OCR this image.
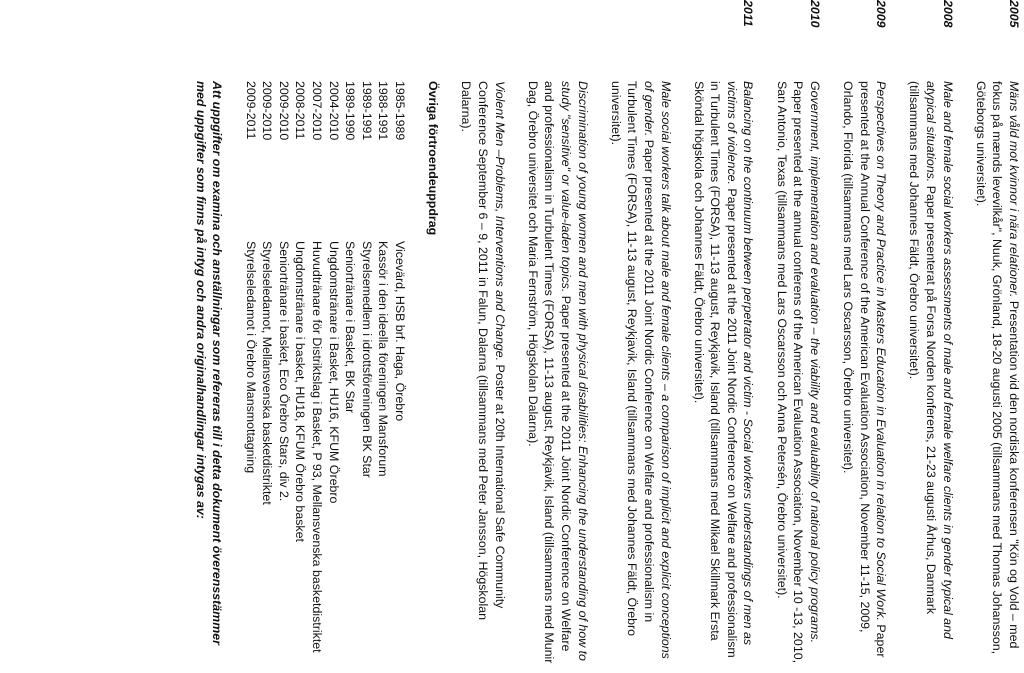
2005
Mäns våld mot kvinnor i nära relationer. Presentation vid den nordiska konferensen "Kön og Vold – med fokus på mænds levevilkår", Nuuk, Grönland, 18-20 augusti 2005 (tillsammans med Thomas Johansson, Göteborgs universitet).
2008
Male and female social workers assessments of male and female welfare clients in gender typical and atypical situations. Paper presenterat på Forsa Norden konferens, 21-23 augusti Århus, Danmark (tillsammans med Johannes Fäldt, Örebro universitet).
2009
Perspectives on Theory and Practice in Masters Education in Evaluation in relation to Social Work. Paper presented at the Annual Conference of the American Evaluation Association, November 11-15, 2009, Orlando, Florida (tillsammans med Lars Oscarsson, Örebro universitet).
2010
Government, implementation and evaluation – the viability and evaluability of national policy programs. Paper presented at the annual conferens of the American Evaluation Association, November 10 -13, 2010, San Antonio, Texas (tillsammans med Lars Oscarsson och Anna Petersén, Örebro universitet).
2011
Balancing on the continuum between perpetrator and victim - Social workers understandings of men as victims of violence. Paper presented at the 2011 Joint Nordic Conference on Welfare and professionalism in Turbulent Times (FORSA), 11-13 august, Reykjavik, Island (tillsammans med Mikael Skillmark Ersta Sköndal högskola och Johannes Fäldt, Örebro universitet).
Male social workers talk about male and female clients – a comparison of implicit and explicit conceptions of gender. Paper presented at the 2011 Joint Nordic Conference on Welfare and professionalism in Turbulent Times (FORSA), 11-13 august, Reykjavik, Island (tillsammans med Johannes Fäldt, Örebro universitet).
Discrimination of young women and men with physical disabilities: Enhancing the understanding of how to study "sensitive" or value-laden topics. Paper presented at the 2011 Joint Nordic Conference on Welfare and professionalism in Turbulent Times (FORSA), 11-13 august, Reykjavik, Island (tillsammans med Munir Dag, Örebro universitet och Maria Fernström, Högskolan Dalarna).
Violent Men –Problems, Interventions and Change. Poster at 20th International Safe Community Conference September 6 – 9, 2011 in Falun, Dalarna (tillsammans med Peter Jansson, Högskolan Dalarna).
Övriga förtroendeuppdrag
1985-1989
Vicevärd, HSB brf. Haga, Örebro
1988-1991
Kassör i den ideella föreningen Mansforum
1989-1991
Styrelsemedlem i idrottsföreningen BK Star
1989-1990
Seniortränare i Basket, BK Star
2004-2010
Ungdomstränare i Basket, HU16, KFUM Örebro
2007-2010
Huvudtränare för Distriktslag i Basket, P 93, Mellansvenska basketdistriktet
2008-2011
Ungdomstränare i basket, HU18, KFUM Örebro basket
2009-2010
Seniortränare i basket, Eco Örebro Stars, div 2.
2009-2010
Styrelseledamot, Mellansvenska basketdistriktet
2009-2011
Styrelseledamot i Örebro Mansmottagning
Att uppgifter om examina och anställningar som refereras till i detta dokument överensstämmer med uppgifter som finns på intyg och andra originalhandlingar intygas av:
